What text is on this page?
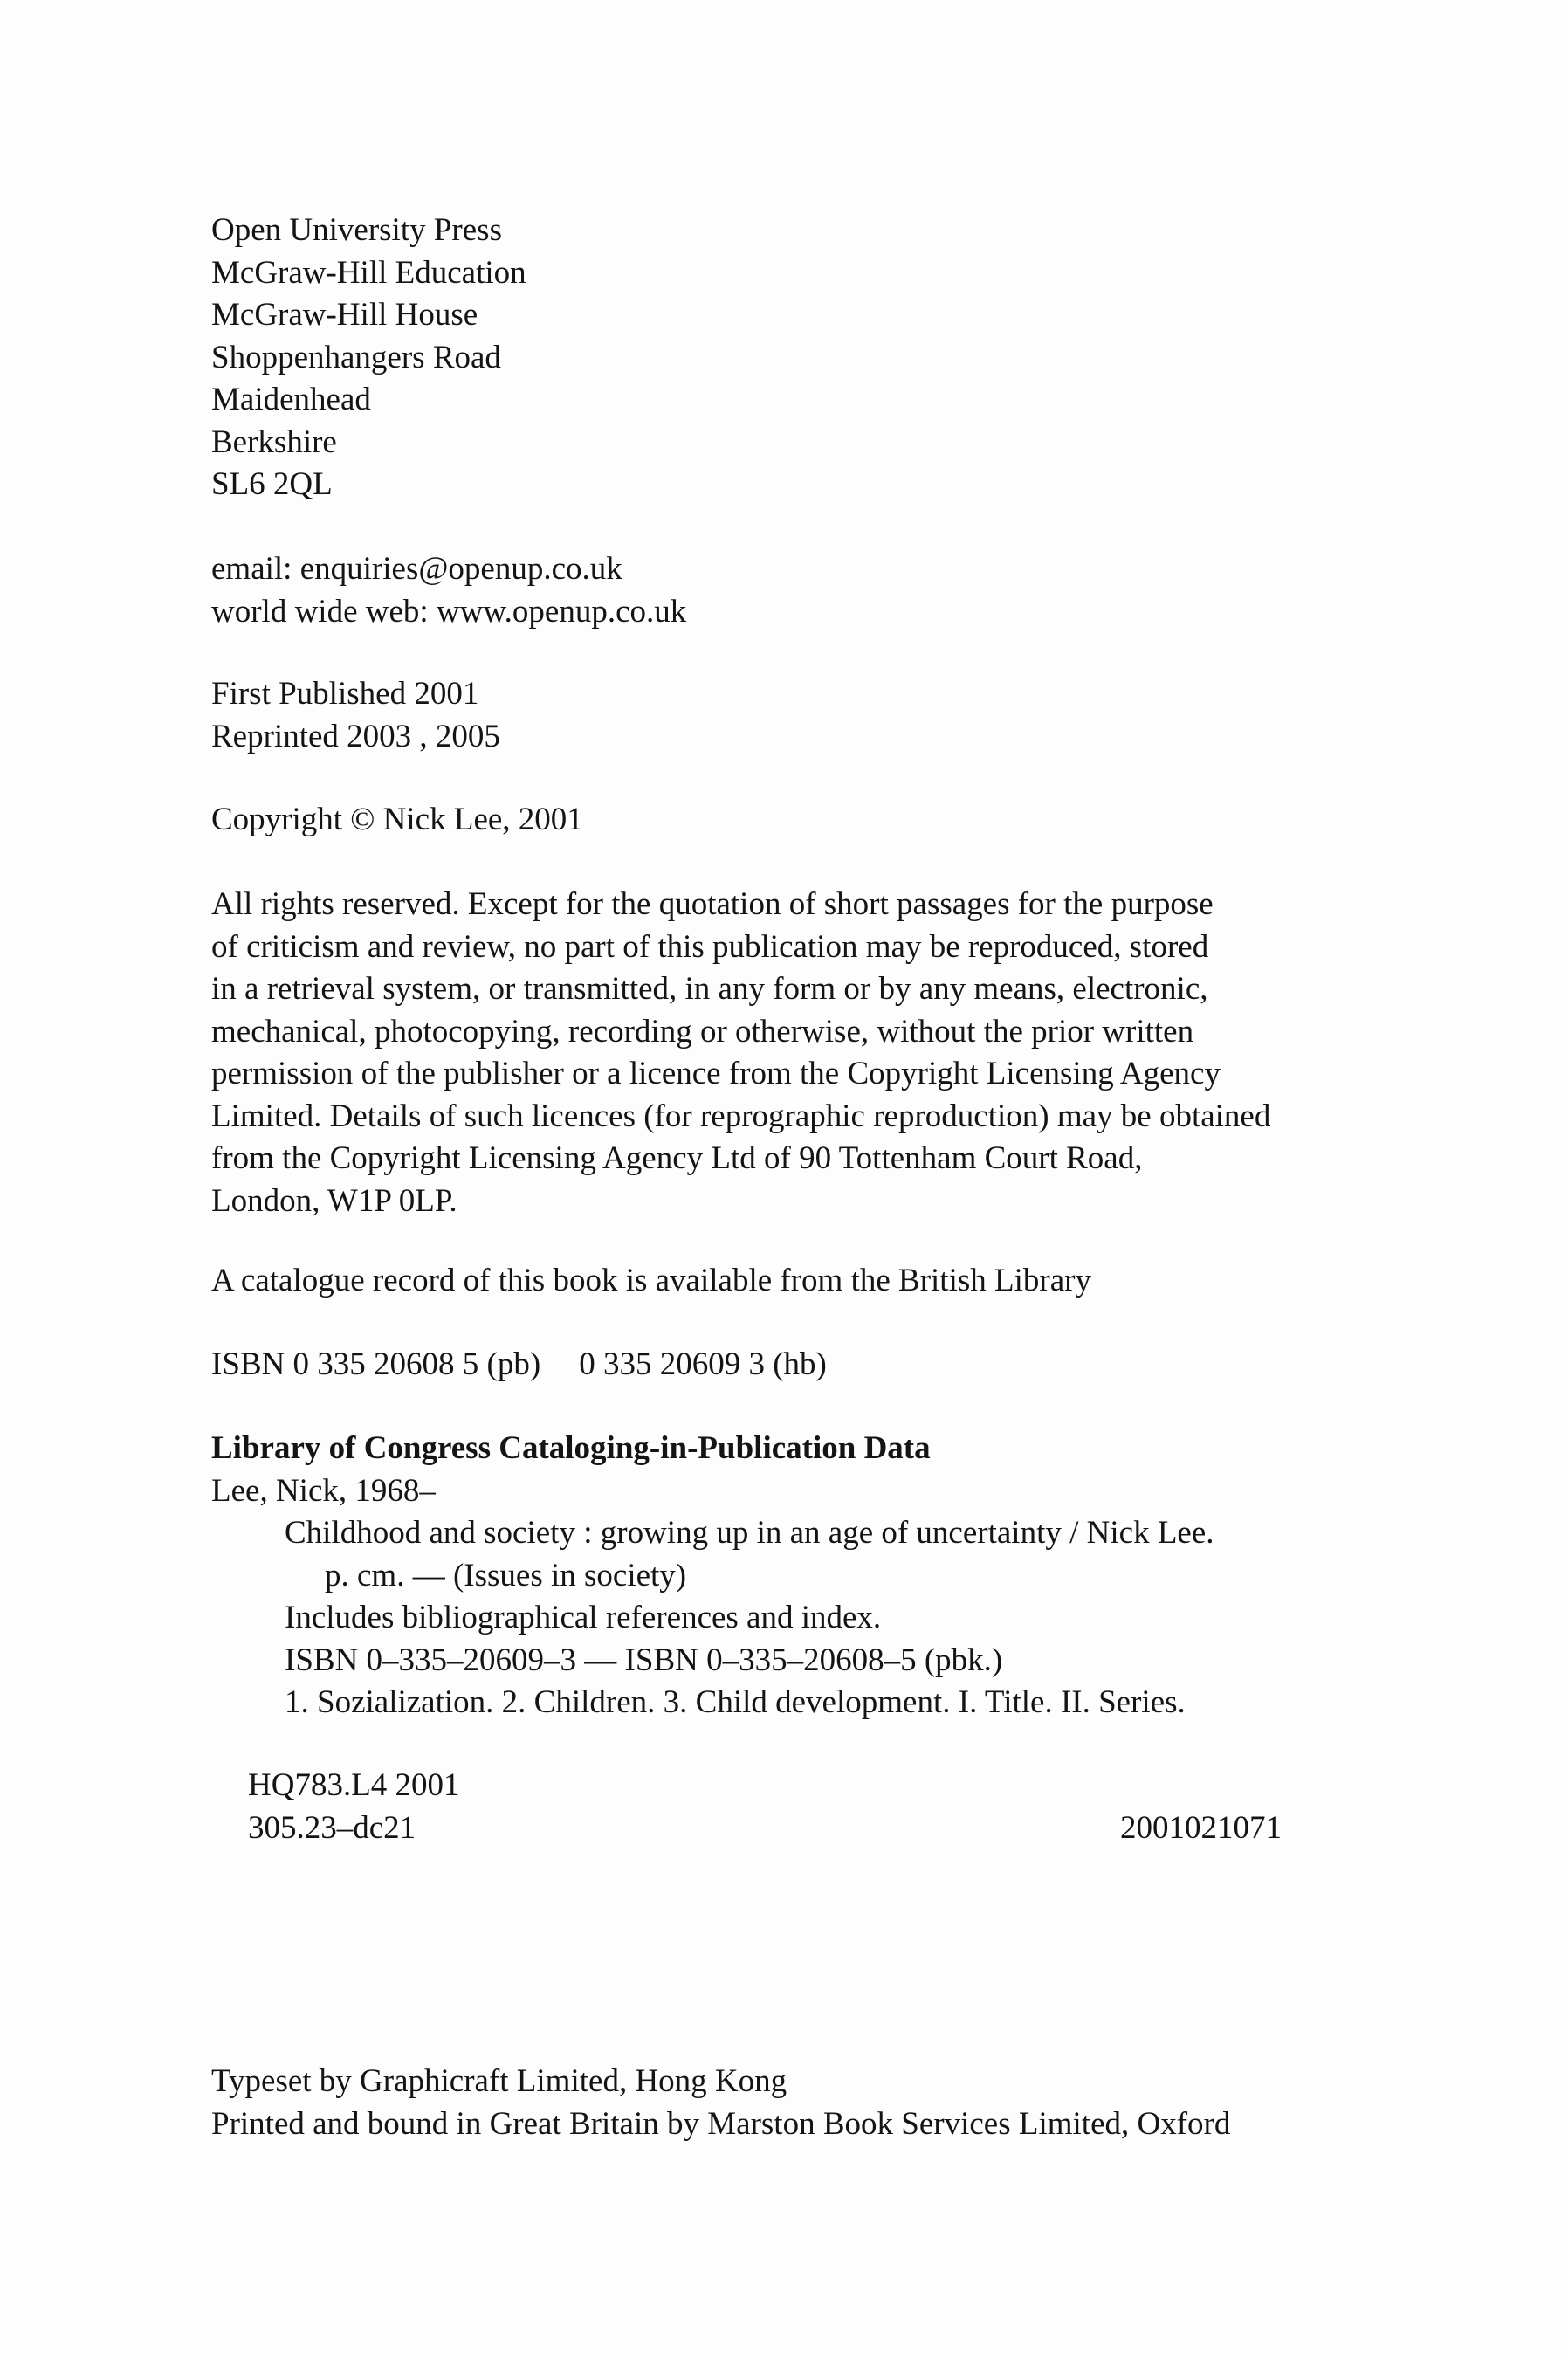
Open University Press
McGraw-Hill Education
McGraw-Hill House
Shoppenhangers Road
Maidenhead
Berkshire
SL6 2QL
email: enquiries@openup.co.uk
world wide web: www.openup.co.uk
First Published 2001
Reprinted 2003 , 2005
Copyright © Nick Lee, 2001
All rights reserved. Except for the quotation of short passages for the purpose
of criticism and review, no part of this publication may be reproduced, stored
in a retrieval system, or transmitted, in any form or by any means, electronic,
mechanical, photocopying, recording or otherwise, without the prior written
permission of the publisher or a licence from the Copyright Licensing Agency
Limited. Details of such licences (for reprographic reproduction) may be obtained
from the Copyright Licensing Agency Ltd of 90 Tottenham Court Road,
London, W1P 0LP.
A catalogue record of this book is available from the British Library
ISBN 0 335 20608 5 (pb) 0 335 20609 3 (hb)
Library of Congress Cataloging-in-Publication Data
Lee, Nick, 1968–
Childhood and society : growing up in an age of uncertainty / Nick Lee.
p. cm. — (Issues in society)
Includes bibliographical references and index.
ISBN 0–335–20609–3 — ISBN 0–335–20608–5 (pbk.)
1. Sozialization. 2. Children. 3. Child development. I. Title. II. Series.
HQ783.L4 2001
305.23–dc21	2001021071
Typeset by Graphicraft Limited, Hong Kong
Printed and bound in Great Britain by Marston Book Services Limited, Oxford
